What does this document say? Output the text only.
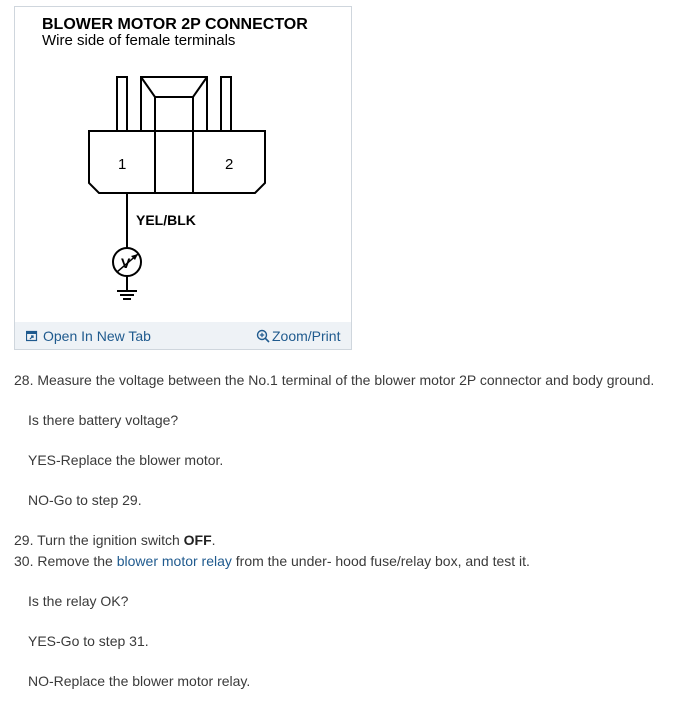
BLOWER MOTOR 2P CONNECTOR
Wire side of female terminals
1	2
YEL/BLK
V
Open In New Tab	Zoom/Print
28. Measure the voltage between the No.1 terminal of the blower motor 2P connector and body ground.
Is there battery voltage?
YES-Replace the blower motor.
NO-Go to step 29.
29. Turn the ignition switch OFF.
30. Remove the blower motor relay from the under- hood fuse/relay box, and test it.
Is the relay OK?
YES-Go to step 31.
NO-Replace the blower motor relay.
